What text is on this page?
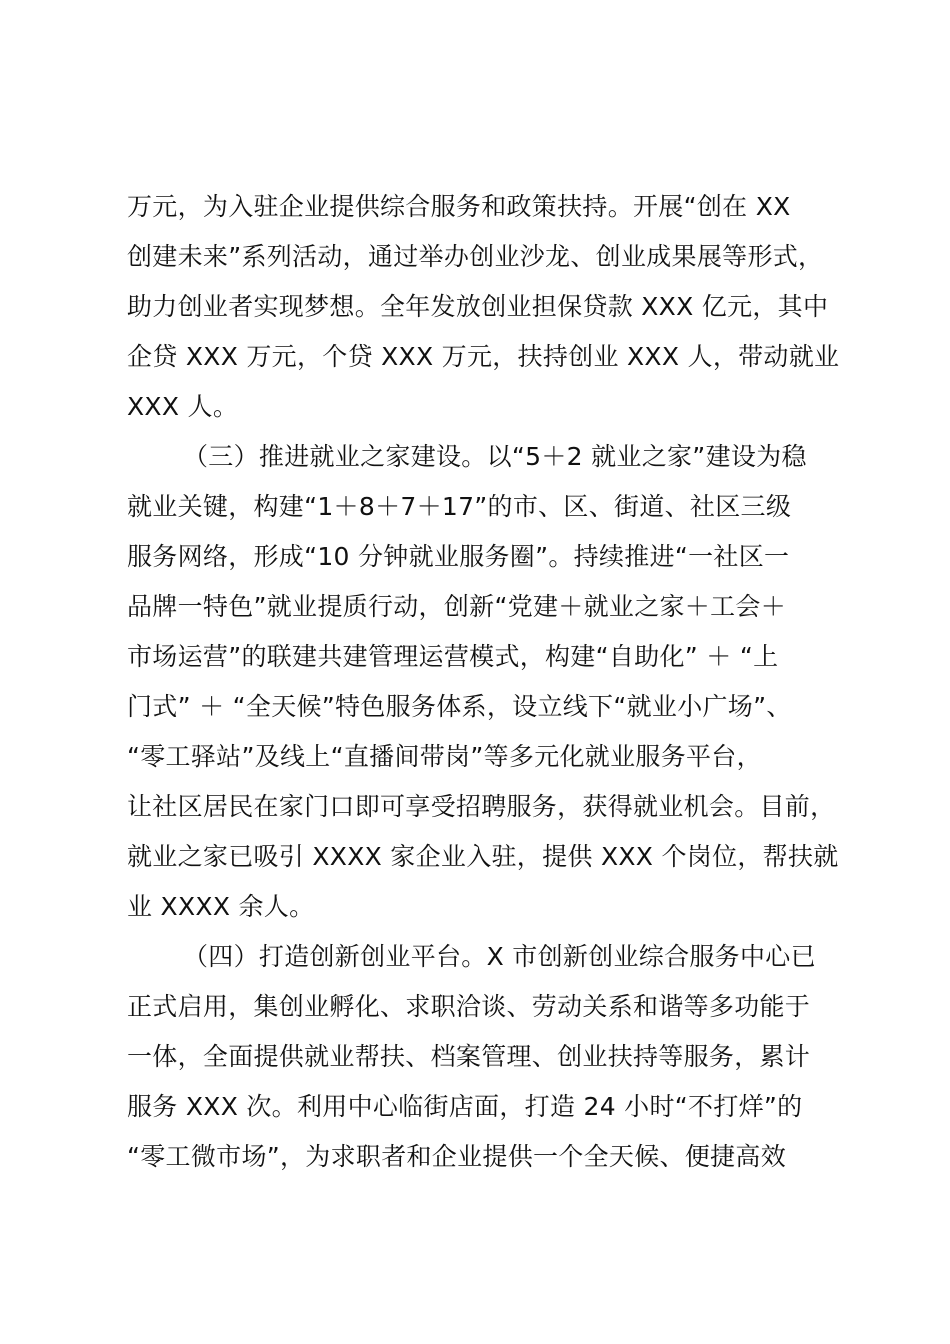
万元，为入驻企业提供综合服务和政策扶持。开展“创在 XX
创建未来”系列活动，通过举办创业沙龙、创业成果展等形式，
助力创业者实现梦想。全年发放创业担保贷款 XXX 亿元，其中
企贷 XXX 万元，个贷 XXX 万元，扶持创业 XXX 人，带动就业
XXX 人。
（三）推进就业之家建设。以“5＋2 就业之家”建设为稳
就业关键，构建“1＋8＋7＋17”的市、区、街道、社区三级
服务网络，形成“10 分钟就业服务圈”。持续推进“一社区一
品牌一特色”就业提质行动，创新“党建＋就业之家＋工会＋
市场运营”的联建共建管理运营模式，构建“自助化” ＋ “上
门式” ＋ “全天候”特色服务体系，设立线下“就业小广场”、
“零工驿站”及线上“直播间带岗”等多元化就业服务平台，
让社区居民在家门口即可享受招聘服务，获得就业机会。目前，
就业之家已吸引 XXXX 家企业入驻，提供 XXX 个岗位，帮扶就
业 XXXX 余人。
（四）打造创新创业平台。X 市创新创业综合服务中心已
正式启用，集创业孵化、求职洽谈、劳动关系和谐等多功能于
一体，全面提供就业帮扶、档案管理、创业扶持等服务，累计
服务 XXX 次。利用中心临街店面，打造 24 小时“不打烊”的
“零工微市场”，为求职者和企业提供一个全天候、便捷高效
